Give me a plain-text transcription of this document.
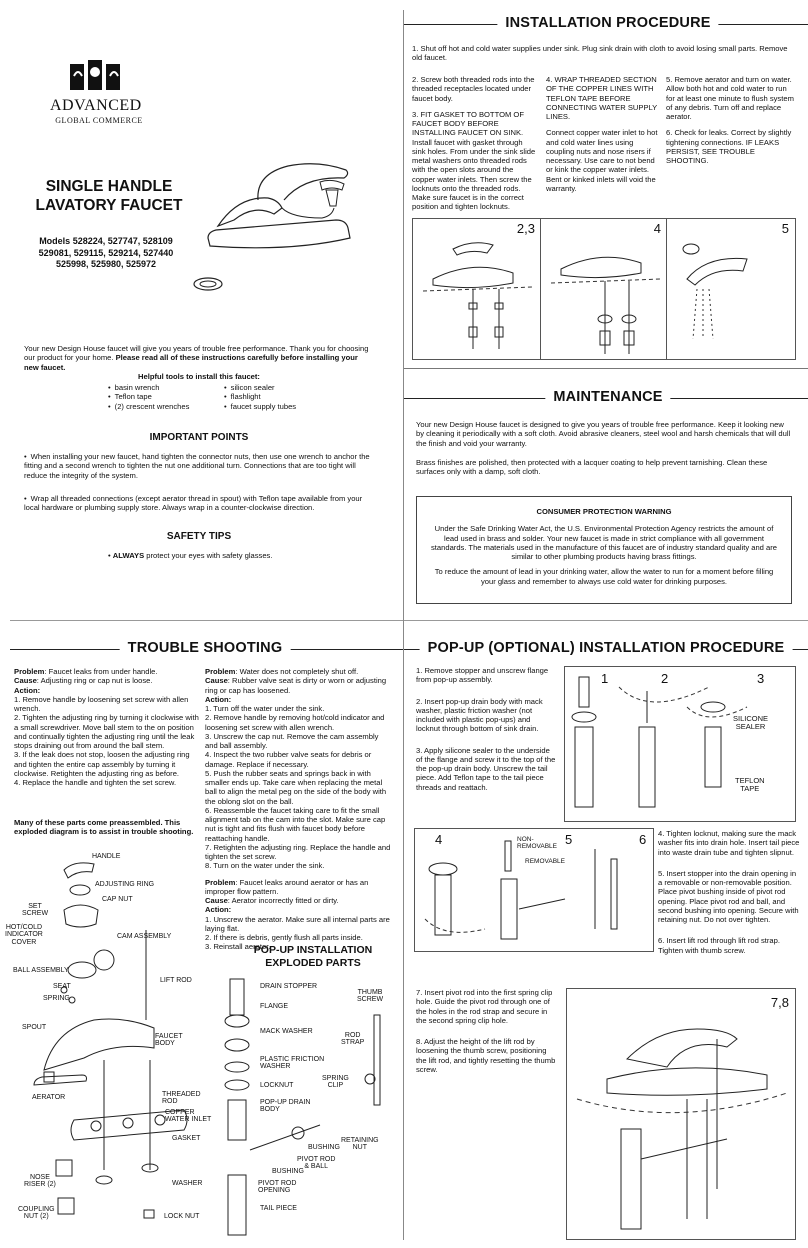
ADVANCED
GLOBAL COMMERCE
SINGLE HANDLE
LAVATORY FAUCET
Models 528224, 527747, 528109
529081, 529115, 529214, 527440
525998, 525980, 525972
Your new Design House faucet will give you years of trouble free performance. Thank you for choosing our product for your home. Please read all of these instructions carefully before installing your new faucet.
Helpful tools to install this faucet:
• basin wrench
• Teflon tape
• (2) crescent wrenches
• silicon sealer
• flashlight
• faucet supply tubes
IMPORTANT POINTS
• When installing your new faucet, hand tighten the connector nuts, then use one wrench to anchor the fitting and a second wrench to tighten the nut one additional turn. Connections that are too tight will reduce the integrity of the system.
• Wrap all threaded connections (except aerator thread in spout) with Teflon tape available from your local hardware or plumbing supply store. Always wrap in a counter-clockwise direction.
SAFETY TIPS
• ALWAYS protect your eyes with safety glasses.
INSTALLATION PROCEDURE
1. Shut off hot and cold water supplies under sink. Plug sink drain with cloth to avoid losing small parts. Remove old faucet.

2. Screw both threaded rods into the threaded receptacles located under faucet body.

3. FIT GASKET TO BOTTOM OF FAUCET BODY BEFORE INSTALLING FAUCET ON SINK. Install faucet with gasket through sink holes. From under the sink slide metal washers onto threaded rods with the open slots around the copper water inlets. Then screw the locknuts onto the threaded rods. Make sure faucet is in the correct position and tighten locknuts.

4. WRAP THREADED SECTION OF THE COPPER LINES WITH TEFLON TAPE BEFORE CONNECTING WATER SUPPLY LINES.

Connect copper water inlet to hot and cold water lines using coupling nuts and nose risers if necessary. Use care to not bend or kink the copper water inlets. Bent or kinked inlets will void the warranty.

5. Remove aerator and turn on water. Allow both hot and cold water to run for at least one minute to flush system of any debris. Turn off and replace aerator.

6. Check for leaks. Correct by slightly tightening connections. IF LEAKS PERSIST, SEE TROUBLE SHOOTING.

2,3	4	5
MAINTENANCE

Your new Design House faucet is designed to give you years of trouble free performance. Keep it looking new by cleaning it periodically with a soft cloth. Avoid abrasive cleaners, steel wool and harsh chemicals that will dull the finish and void your warranty.

Brass finishes are polished, then protected with a lacquer coating to help prevent tarnishing. Clean these surfaces only with a damp, soft cloth.

CONSUMER PROTECTION WARNING
Under the Safe Drinking Water Act, the U.S. Environmental Protection Agency restricts the amount of lead used in brass and solder. Your new faucet is made in strict compliance with all government standards. The materials used in the manufacture of this faucet are of industry standard quality and are similar to other plumbing products having brass fittings.
To reduce the amount of lead in your drinking water, allow the water to run for a moment before filling your glass and remember to always use cold water for drinking purposes.
TROUBLE SHOOTING
Problem: Faucet leaks from under handle.
Cause: Adjusting ring or cap nut is loose.
Action:
1. Remove handle by loosening set screw with allen wrench.
2. Tighten the adjusting ring by turning it clockwise with a small screwdriver. Move ball stem to the on position and continually tighten the adjusting ring until the leak stops draining out from around the ball stem.
3. If the leak does not stop, loosen the adjusting ring and tighten the entire cap assembly by turning it clockwise. Retighten the adjusting ring as before.
4. Replace the handle and tighten the set screw.
Many of these parts come preassembled. This exploded diagram is to assist in trouble shooting.
Problem: Water does not completely shut off.
Cause: Rubber valve seat is dirty or worn or adjusting ring or cap has loosened.
Action:
1. Turn off the water under the sink.
2. Remove handle by removing hot/cold indicator and loosening set screw with allen wrench.
3. Unscrew the cap nut. Remove the cam assembly and ball assembly.
4. Inspect the two rubber valve seats for debris or damage. Replace if necessary.
5. Push the rubber seats and springs back in with smaller ends up. Take care when replacing the metal ball to align the metal peg on the side of the body with the oblong slot on the ball.
6. Reassemble the faucet taking care to fit the small alignment tab on the cam into the slot. Make sure cap nut is tight and fits flush with faucet body before reattaching handle.
7. Retighten the adjusting ring. Replace the handle and tighten the set screw.
8. Turn on the water under the sink.
Problem: Faucet leaks around aerator or has an improper flow pattern.
Cause: Aerator incorrectly fitted or dirty.
Action:
1. Unscrew the aerator. Make sure all internal parts are laying flat.
2. If there is debris, gently flush all parts inside.
3. Reinstall aerator.
HANDLE
ADJUSTING RING
SET
SCREW
CAP NUT
HOT/COLD
INDICATOR
COVER
CAM ASSEMBLY
BALL ASSEMBLY
SEAT
LIFT ROD
SPRING
SPOUT
FAUCET
BODY
AERATOR	THREADED
ROD
COPPER
WATER INLET
GASKET
NOSE
RISER (2)	WASHER
COUPLING
NUT (2)	LOCK NUT
POP-UP INSTALLATION
EXPLODED PARTS
DRAIN STOPPER
THUMB
SCREW
FLANGE
MACK WASHER
ROD
STRAP
PLASTIC FRICTION
WASHER
SPRING
CLIP
LOCKNUT
POP-UP DRAIN
BODY
RETAINING
NUT
BUSHING
PIVOT ROD
& BALL
BUSHING
PIVOT ROD
OPENING
TAIL PIECE
POP-UP (OPTIONAL) INSTALLATION PROCEDURE

1. Remove stopper and unscrew flange from pop-up assembly.

2. Insert pop-up drain body with mack washer, plastic friction washer (not included with plastic pop-ups) and locknut through bottom of sink drain.

3. Apply silicone sealer to the underside of the flange and screw it to the top of the the pop-up drain body. Unscrew the tail piece. Add Teflon tape to the tail piece threads and reattach.

1	2	3
SILICONE
SEALER
TEFLON
TAPE
4	5	6
NON-
REMOVABLE
REMOVABLE

4. Tighten locknut, making sure the mack washer fits into drain hole. Insert tail piece into waste drain tube and tighten slipnut.

5. Insert stopper into the drain opening in a removable or non-removable position. Place pivot bushing inside of pivot rod opening. Place pivot rod and ball, and second bushing into opening. Secure with retaining nut. Do not over tighten.

6. Insert lift rod through lift rod strap. Tighten with thumb screw.

7. Insert pivot rod into the first spring clip hole. Guide the pivot rod through one of the holes in the rod strap and secure in the second spring clip hole.

8. Adjust the height of the lift rod by loosening the thumb screw, positioning the lift rod, and tightly resetting the thumb screw.

7,8
